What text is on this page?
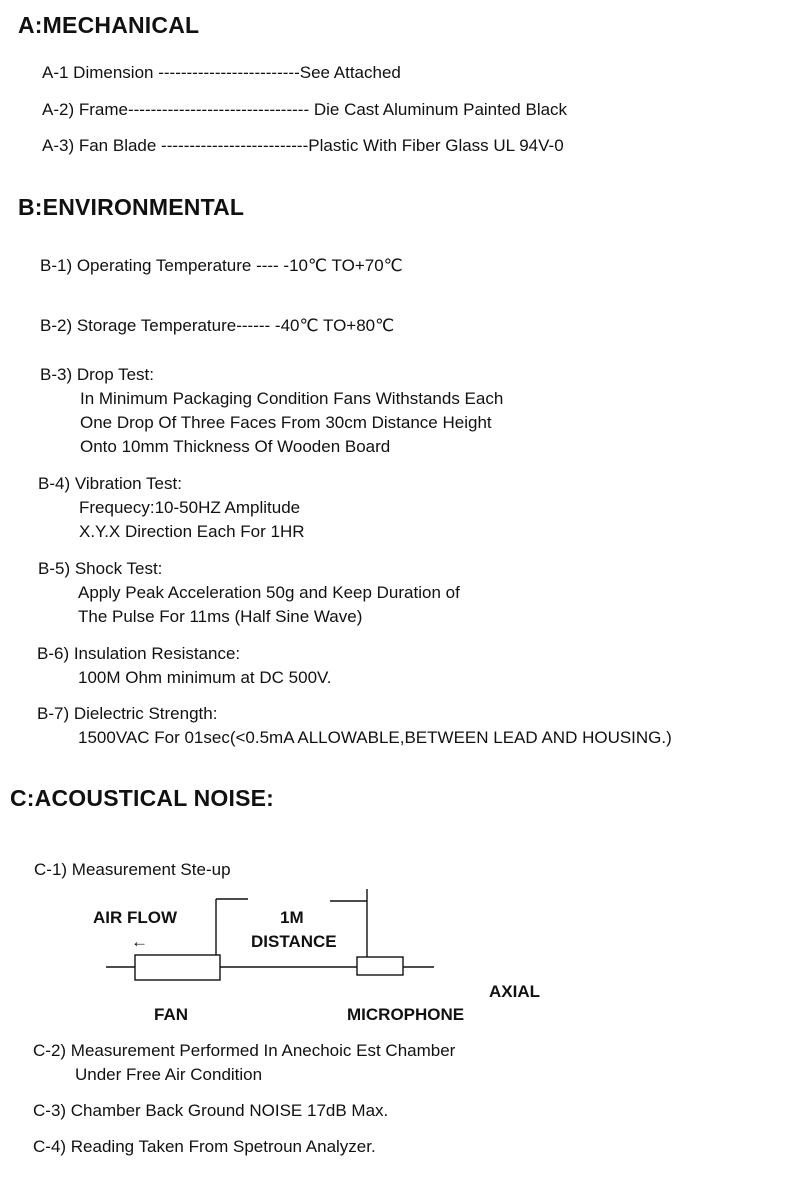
A:MECHANICAL
A-1 Dimension -------------------------See Attached
A-2) Frame-------------------------------- Die Cast Aluminum Painted Black
A-3) Fan Blade --------------------------Plastic With Fiber Glass UL 94V-0
B:ENVIRONMENTAL
B-1) Operating Temperature ---- -10℃ TO+70℃
B-2) Storage Temperature------ -40℃ TO+80℃
B-3) Drop Test:
In Minimum Packaging Condition Fans Withstands Each
One Drop Of Three Faces From 30cm Distance Height
Onto 10mm Thickness Of Wooden Board
B-4) Vibration Test:
Frequecy:10-50HZ Amplitude
X.Y.X Direction Each For 1HR
B-5) Shock Test:
Apply Peak Acceleration 50g and Keep Duration of
The Pulse For 11ms (Half Sine Wave)
B-6) Insulation Resistance:
100M Ohm minimum at DC 500V.
B-7) Dielectric Strength:
1500VAC For 01sec(<0.5mA ALLOWABLE,BETWEEN LEAD AND HOUSING.)
C:ACOUSTICAL NOISE:
C-1) Measurement Ste-up
AIR FLOW
←
1M
DISTANCE
AXIAL
FAN	MICROPHONE
C-2) Measurement Performed In Anechoic Est Chamber
Under Free Air Condition
C-3) Chamber Back Ground NOISE 17dB Max.
C-4) Reading Taken From Spetroun Analyzer.
